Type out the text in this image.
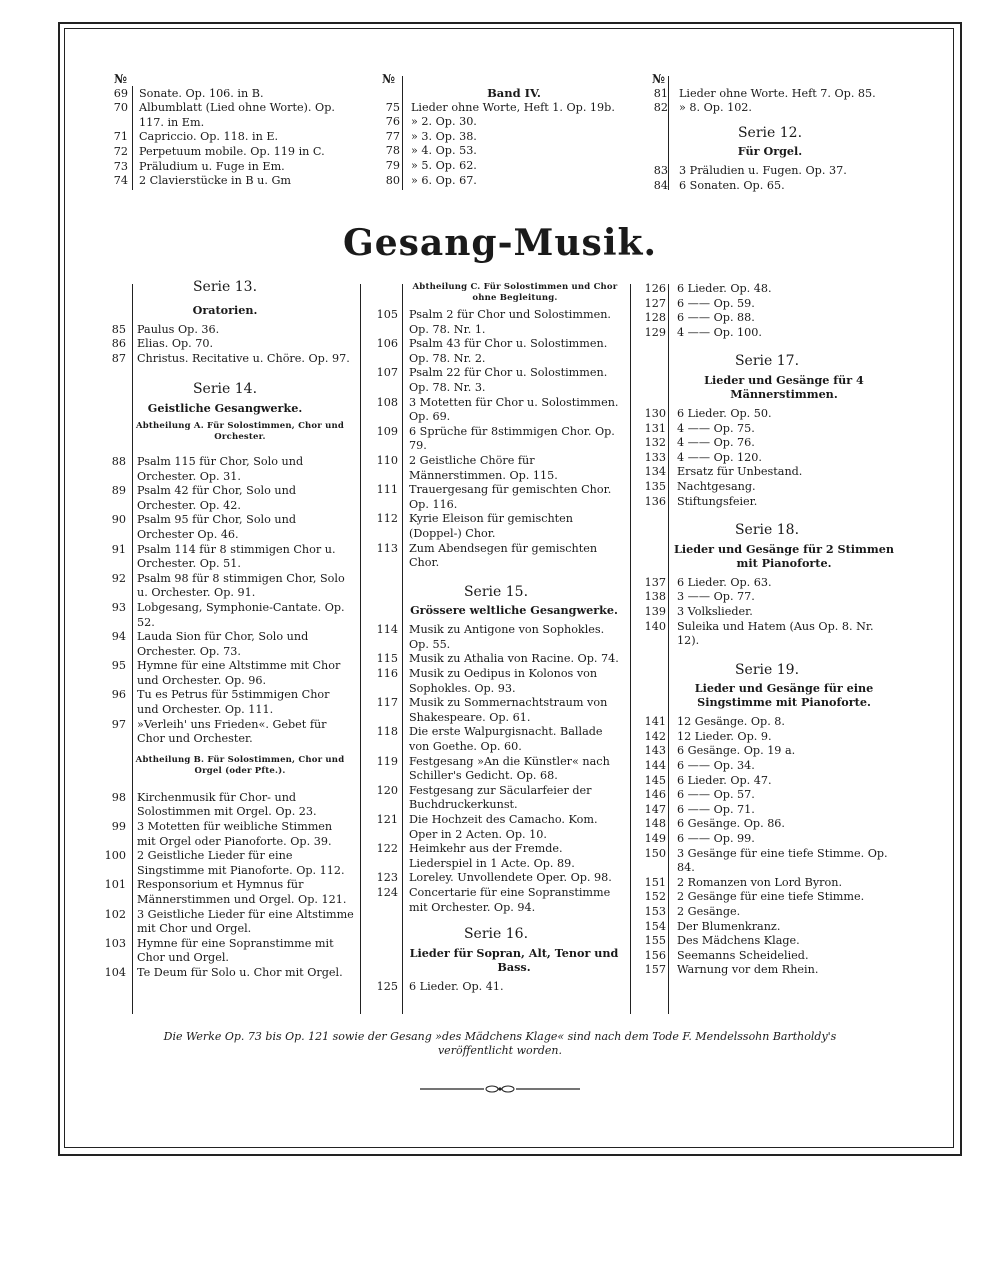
№
69 Sonate. Op. 106. in B.
70 Albumblatt (Lied ohne Worte). Op. 117. in Em.
71 Capriccio. Op. 118. in E.
72 Perpetuum mobile. Op. 119 in C.
73 Präludium u. Fuge in Em.
74 2 Clavierstücke in B u. Gm
№
Band IV.
75 Lieder ohne Worte, Heft 1. Op. 19b.
76 » 2. Op. 30.
77 » 3. Op. 38.
78 » 4. Op. 53.
79 » 5. Op. 62.
80 » 6. Op. 67.
№
81 Lieder ohne Worte. Heft 7. Op. 85.
82 » 8. Op. 102.
Serie 12.
Für Orgel.
83 3 Präludien u. Fugen. Op. 37.
84 6 Sonaten. Op. 65.
Gesang-Musik.
Serie 13.
Oratorien.
85 Paulus Op. 36.
86 Elias. Op. 70.
87 Christus. Recitative u. Chöre. Op. 97.
Serie 14.
Geistliche Gesangwerke.
Abtheilung A. Für Solostimmen, Chor und Orchester.
88 Psalm 115 für Chor, Solo und Orchester. Op. 31.
89 Psalm 42 für Chor, Solo und Orchester. Op. 42.
90 Psalm 95 für Chor, Solo und Orchester Op. 46.
91 Psalm 114 für 8 stimmigen Chor u. Orchester. Op. 51.
92 Psalm 98 für 8 stimmigen Chor, Solo u. Orchester. Op. 91.
93 Lobgesang, Symphonie-Cantate. Op. 52.
94 Lauda Sion für Chor, Solo und Orchester. Op. 73.
95 Hymne für eine Altstimme mit Chor und Orchester. Op. 96.
96 Tu es Petrus für 5stimmigen Chor und Orchester. Op. 111.
97 »Verleih' uns Frieden«. Gebet für Chor und Orchester.
Abtheilung B. Für Solostimmen, Chor und Orgel (oder Pfte.).
98 Kirchenmusik für Chor- und Solostimmen mit Orgel. Op. 23.
99 3 Motetten für weibliche Stimmen mit Orgel oder Pianoforte. Op. 39.
100 2 Geistliche Lieder für eine Singstimme mit Pianoforte. Op. 112.
101 Responsorium et Hymnus für Männerstimmen und Orgel. Op. 121.
102 3 Geistliche Lieder für eine Altstimme mit Chor und Orgel.
103 Hymne für eine Sopranstimme mit Chor und Orgel.
104 Te Deum für Solo u. Chor mit Orgel.
Abtheilung C. Für Solostimmen und Chor ohne Begleitung.
105 Psalm 2 für Chor und Solostimmen. Op. 78. Nr. 1.
106 Psalm 43 für Chor u. Solostimmen. Op. 78. Nr. 2.
107 Psalm 22 für Chor u. Solostimmen. Op. 78. Nr. 3.
108 3 Motetten für Chor u. Solostimmen. Op. 69.
109 6 Sprüche für 8stimmigen Chor. Op. 79.
110 2 Geistliche Chöre für Männerstimmen. Op. 115.
111 Trauergesang für gemischten Chor. Op. 116.
112 Kyrie Eleison für gemischten (Doppel-) Chor.
113 Zum Abendsegen für gemischten Chor.
Serie 15.
Grössere weltliche Gesangwerke.
114 Musik zu Antigone von Sophokles. Op. 55.
115 Musik zu Athalia von Racine. Op. 74.
116 Musik zu Oedipus in Kolonos von Sophokles. Op. 93.
117 Musik zu Sommernachtstraum von Shakespeare. Op. 61.
118 Die erste Walpurgisnacht. Ballade von Goethe. Op. 60.
119 Festgesang »An die Künstler« nach Schiller's Gedicht. Op. 68.
120 Festgesang zur Säcularfeier der Buchdruckerkunst.
121 Die Hochzeit des Camacho. Kom. Oper in 2 Acten. Op. 10.
122 Heimkehr aus der Fremde. Liederspiel in 1 Acte. Op. 89.
123 Loreley. Unvollendete Oper. Op. 98.
124 Concertarie für eine Sopranstimme mit Orchester. Op. 94.
Serie 16.
Lieder für Sopran, Alt, Tenor und Bass.
125 6 Lieder. Op. 41.
126 6 Lieder. Op. 48.
127 6 —— Op. 59.
128 6 —— Op. 88.
129 4 —— Op. 100.
Serie 17.
Lieder und Gesänge für 4 Männerstimmen.
130 6 Lieder. Op. 50.
131 4 —— Op. 75.
132 4 —— Op. 76.
133 4 —— Op. 120.
134 Ersatz für Unbestand.
135 Nachtgesang.
136 Stiftungsfeier.
Serie 18.
Lieder und Gesänge für 2 Stimmen mit Pianoforte.
137 6 Lieder. Op. 63.
138 3 —— Op. 77.
139 3 Volkslieder.
140 Suleika und Hatem (Aus Op. 8. Nr. 12).
Serie 19.
Lieder und Gesänge für eine Singstimme mit Pianoforte.
141 12 Gesänge. Op. 8.
142 12 Lieder. Op. 9.
143 6 Gesänge. Op. 19 a.
144 6 —— Op. 34.
145 6 Lieder. Op. 47.
146 6 —— Op. 57.
147 6 —— Op. 71.
148 6 Gesänge. Op. 86.
149 6 —— Op. 99.
150 3 Gesänge für eine tiefe Stimme. Op. 84.
151 2 Romanzen von Lord Byron.
152 2 Gesänge für eine tiefe Stimme.
153 2 Gesänge.
154 Der Blumenkranz.
155 Des Mädchens Klage.
156 Seemanns Scheidelied.
157 Warnung vor dem Rhein.
Die Werke Op. 73 bis Op. 121 sowie der Gesang »des Mädchens Klage« sind nach dem Tode F. Mendelssohn Bartholdy's
veröffentlicht worden.
